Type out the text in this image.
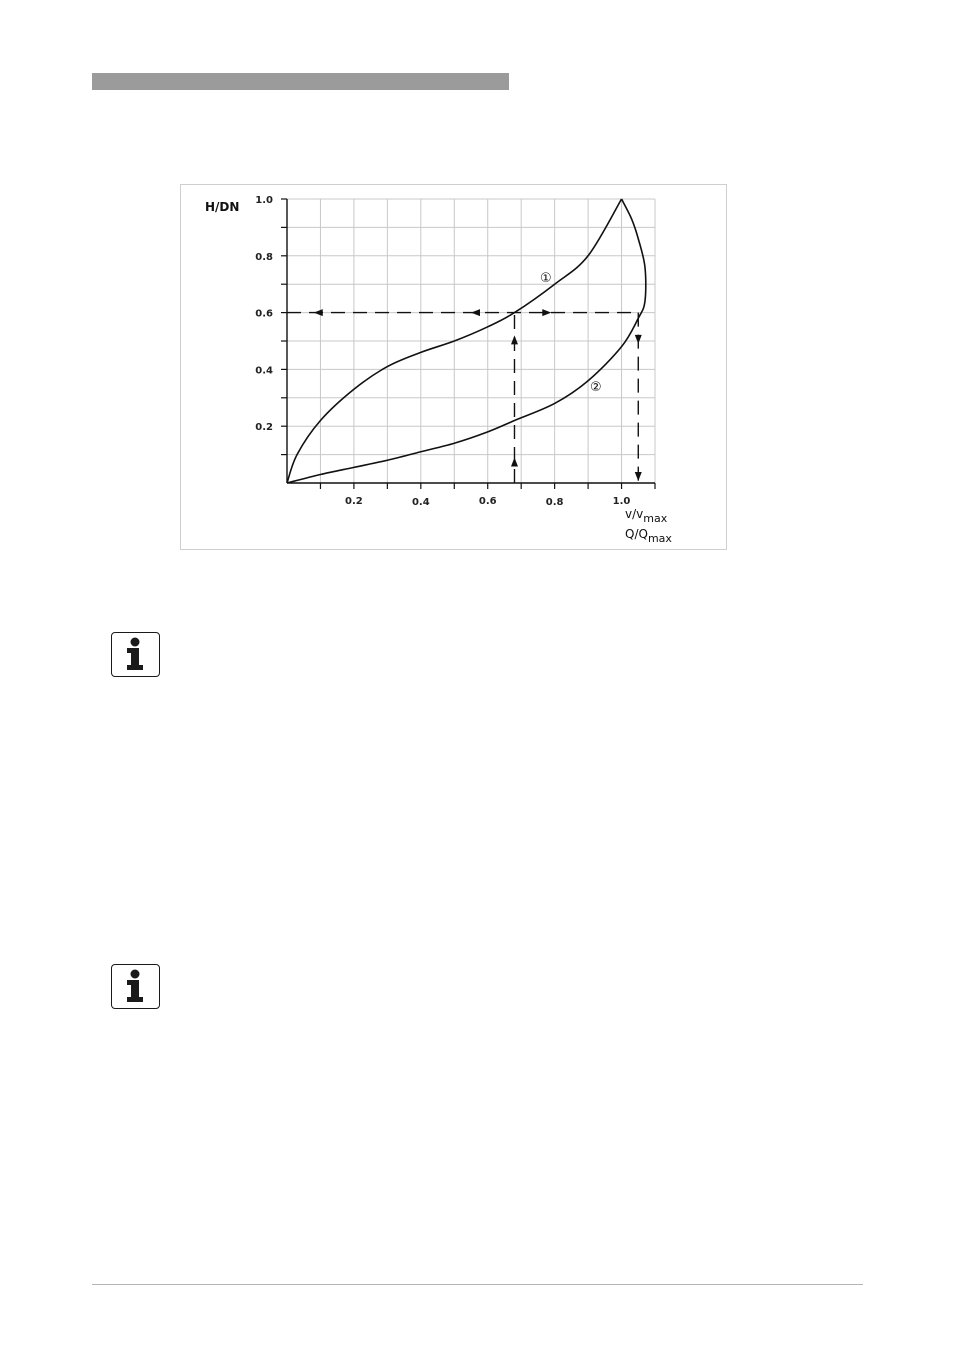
0.2	0.4	0.6	0.8	1.0
0.2
0.4
0.6
0.8
1.0
H/DN
v/vmax
Q/Qmax
①
②
